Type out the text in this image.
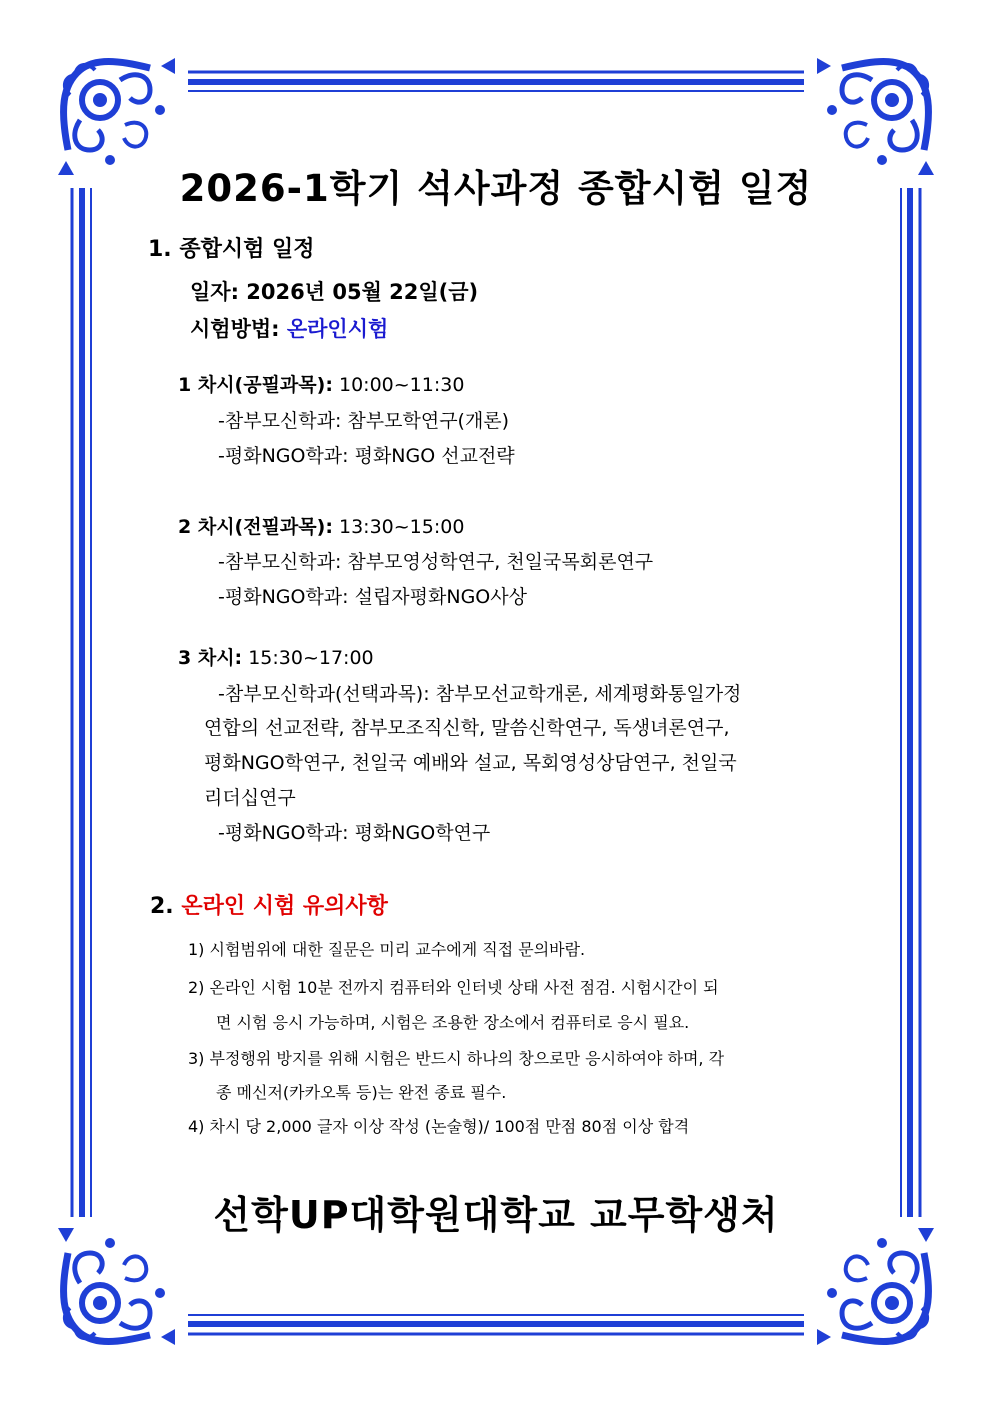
2026-1학기 석사과정 종합시험 일정
1. 종합시험 일정
일자: 2026년 05월 22일(금)
시험방법: 온라인시험
1 차시(공필과목): 10:00~11:30
-참부모신학과: 참부모학연구(개론)
-평화NGO학과: 평화NGO 선교전략
2 차시(전필과목): 13:30~15:00
-참부모신학과: 참부모영성학연구, 천일국목회론연구
-평화NGO학과: 설립자평화NGO사상
3 차시: 15:30~17:00
-참부모신학과(선택과목): 참부모선교학개론, 세계평화통일가정
연합의 선교전략, 참부모조직신학, 말씀신학연구, 독생녀론연구,
평화NGO학연구, 천일국 예배와 설교, 목회영성상담연구, 천일국
리더십연구
-평화NGO학과: 평화NGO학연구
2. 온라인 시험 유의사항
1) 시험범위에 대한 질문은 미리 교수에게 직접 문의바람.
2) 온라인 시험 10분 전까지 컴퓨터와 인터넷 상태 사전 점검. 시험시간이 되
면 시험 응시 가능하며, 시험은 조용한 장소에서 컴퓨터로 응시 필요.
3) 부정행위 방지를 위해 시험은 반드시 하나의 창으로만 응시하여야 하며, 각
종 메신저(카카오톡 등)는 완전 종료 필수.
4) 차시 당 2,000 글자 이상 작성 (논술형)/ 100점 만점 80점 이상 합격
선학UP대학원대학교 교무학생처
